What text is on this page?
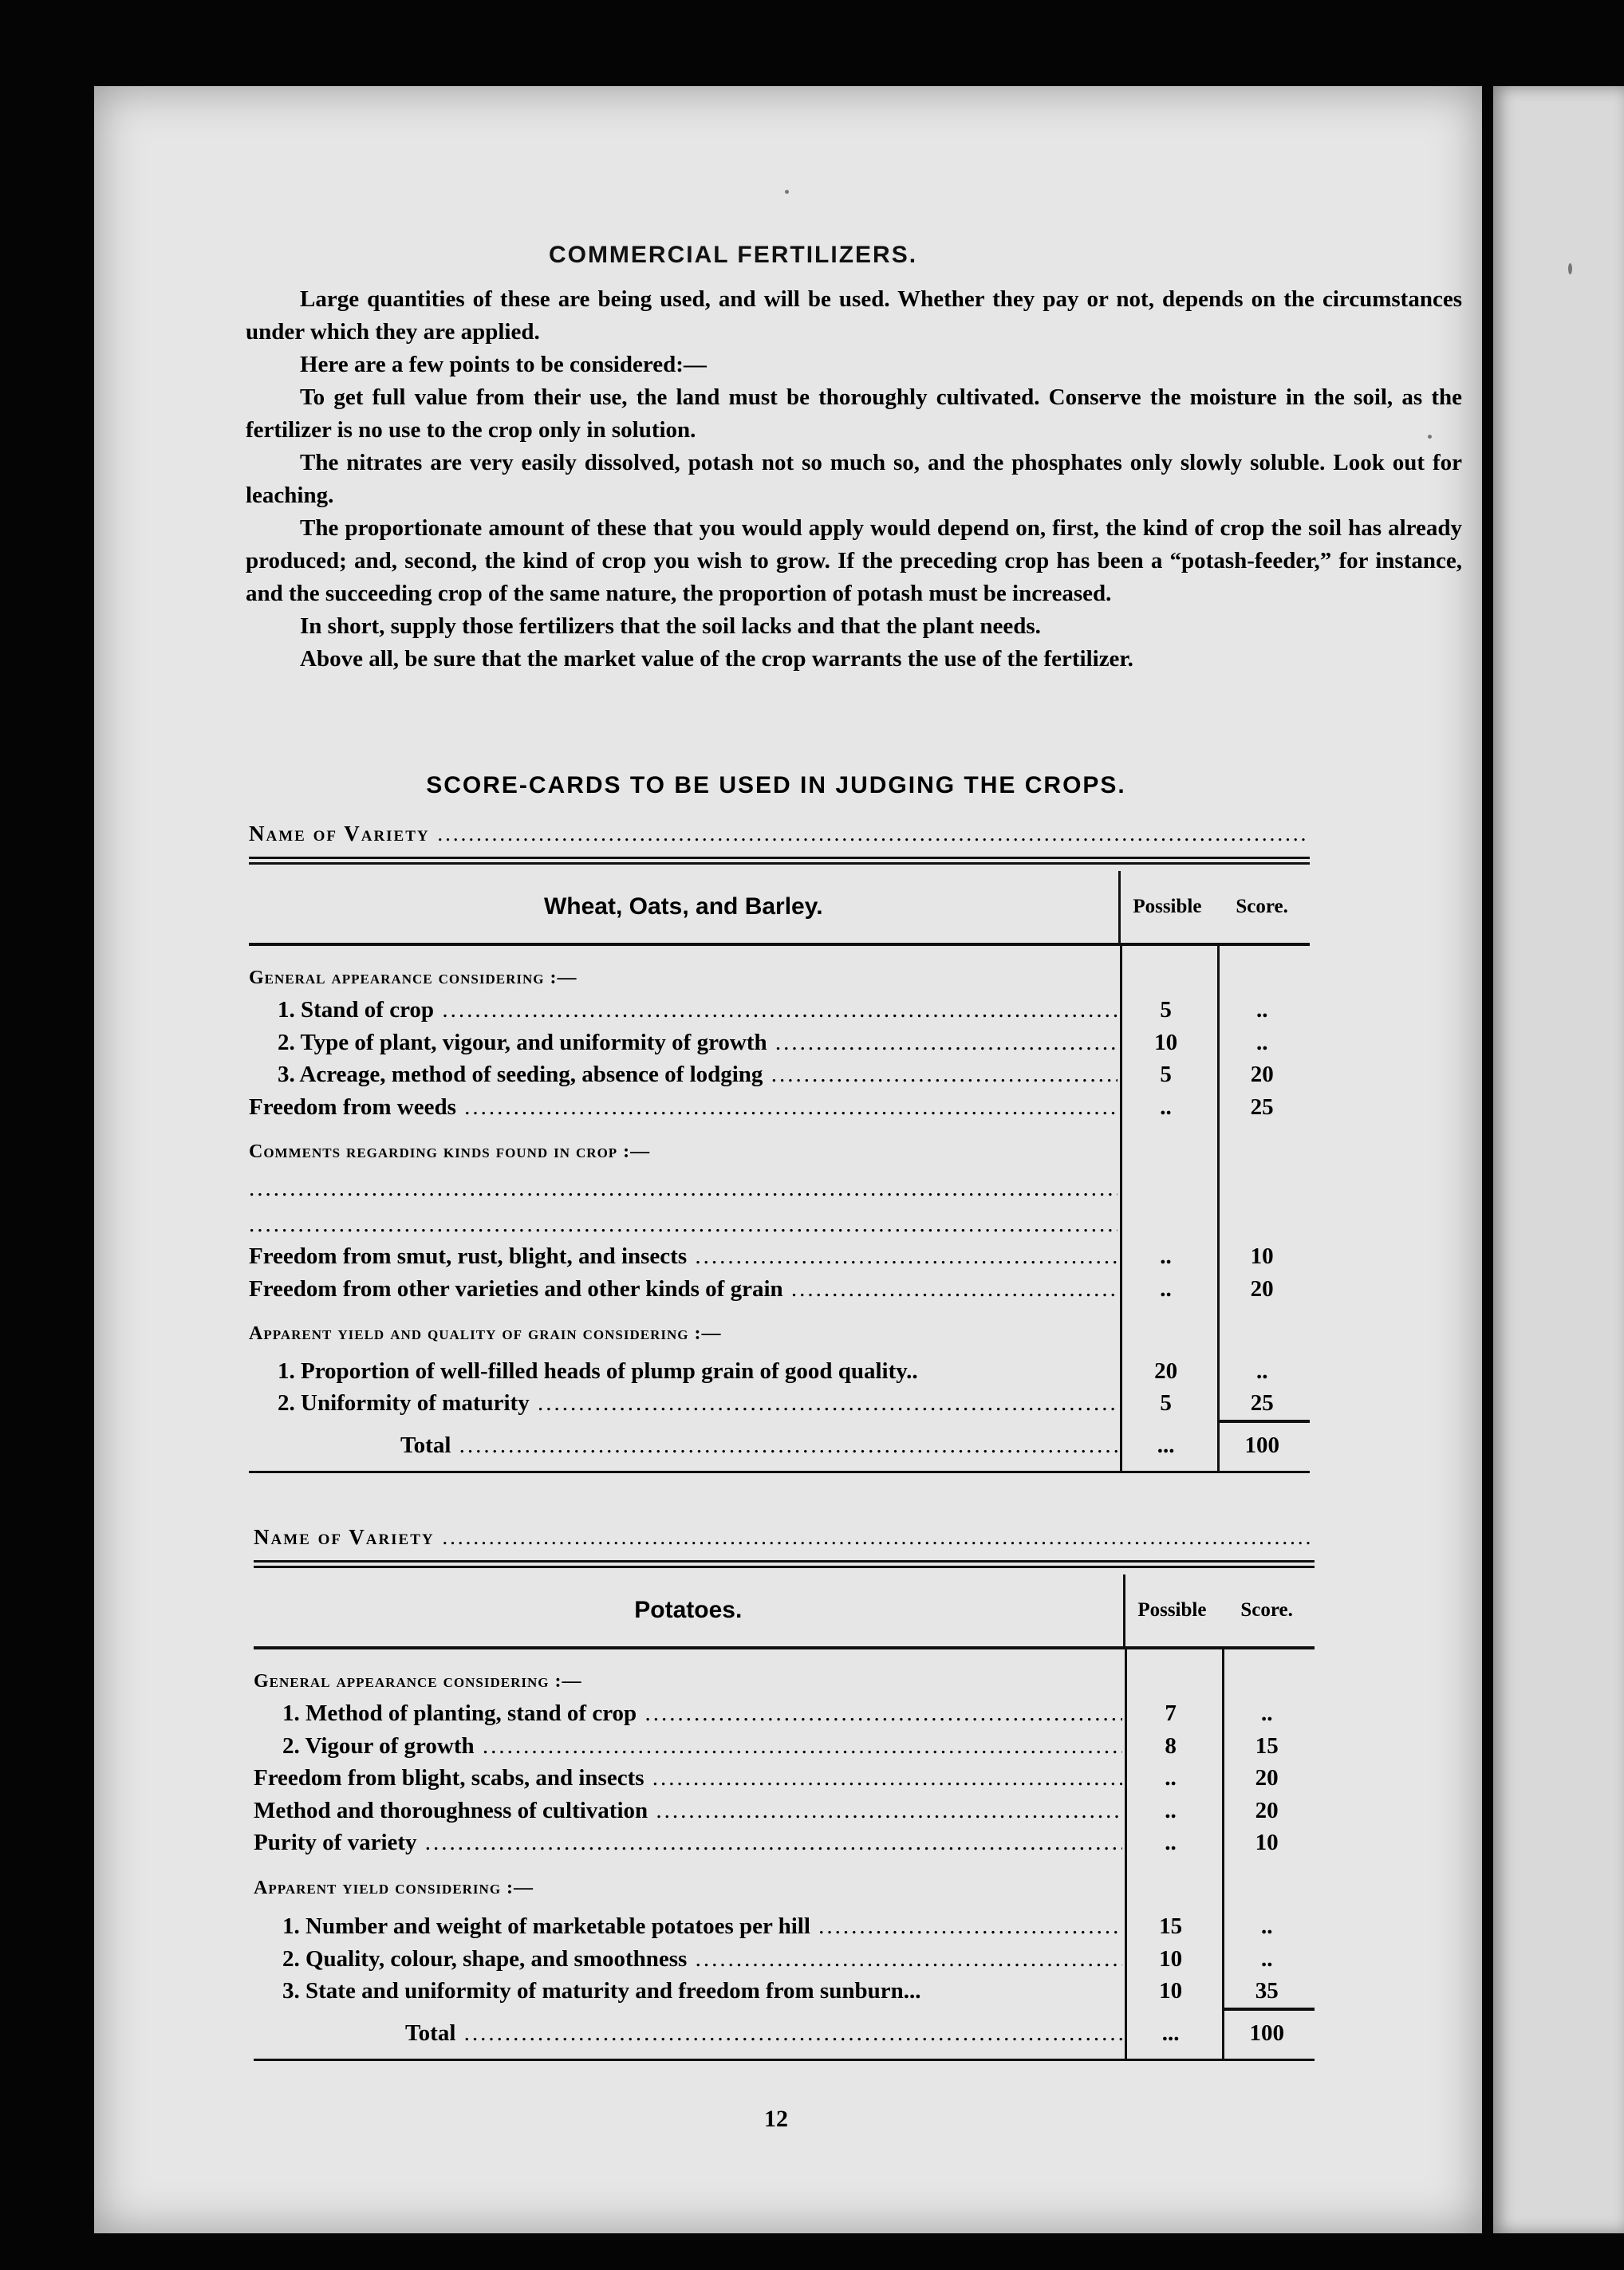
COMMERCIAL FERTILIZERS.

Large quantities of these are being used, and will be used. Whether they pay or not, depends on the circumstances under which they are applied.

Here are a few points to be considered:—

To get full value from their use, the land must be thoroughly cultivated. Conserve the moisture in the soil, as the fertilizer is no use to the crop only in solution.

The nitrates are very easily dissolved, potash not so much so, and the phosphates only slowly soluble. Look out for leaching.

The proportionate amount of these that you would apply would depend on, first, the kind of crop the soil has already produced; and, second, the kind of crop you wish to grow. If the preceding crop has been a “potash-feeder,” for instance, and the succeeding crop of the same nature, the proportion of potash must be increased.

In short, supply those fertilizers that the soil lacks and that the plant needs.

Above all, be sure that the market value of the crop warrants the use of the fertilizer.

SCORE-CARDS TO BE USED IN JUDGING THE CROPS.
Name of Variety .....
Wheat, Oats, and Barley.	Possible	Score.
General appearance considering :—
1. Stand of crop .....	5	..
2. Type of plant, vigour, and uniformity of growth .....	10	..
3. Acreage, method of seeding, absence of lodging .....	5	20
Freedom from weeds .....	..	25
Comments regarding kinds found in crop :—
.....
.....
Freedom from smut, rust, blight, and insects .....	..	10
Freedom from other varieties and other kinds of grain .....	..	20
Apparent yield and quality of grain considering :—
1. Proportion of well-filled heads of plump grain of good quality..	20	..
2. Uniformity of maturity .....	5	25
Total .....	...	100
Name of Variety .....
Potatoes.	Possible	Score.
General appearance considering :—
1. Method of planting, stand of crop .....	7	..
2. Vigour of growth .....	8	15
Freedom from blight, scabs, and insects .....	..	20
Method and thoroughness of cultivation .....	..	20
Purity of variety .....	..	10
Apparent yield considering :—
1. Number and weight of marketable potatoes per hill .....	15	..
2. Quality, colour, shape, and smoothness .....	10	..
3. State and uniformity of maturity and freedom from sunburn...	10	35
Total .....	...	100
12
